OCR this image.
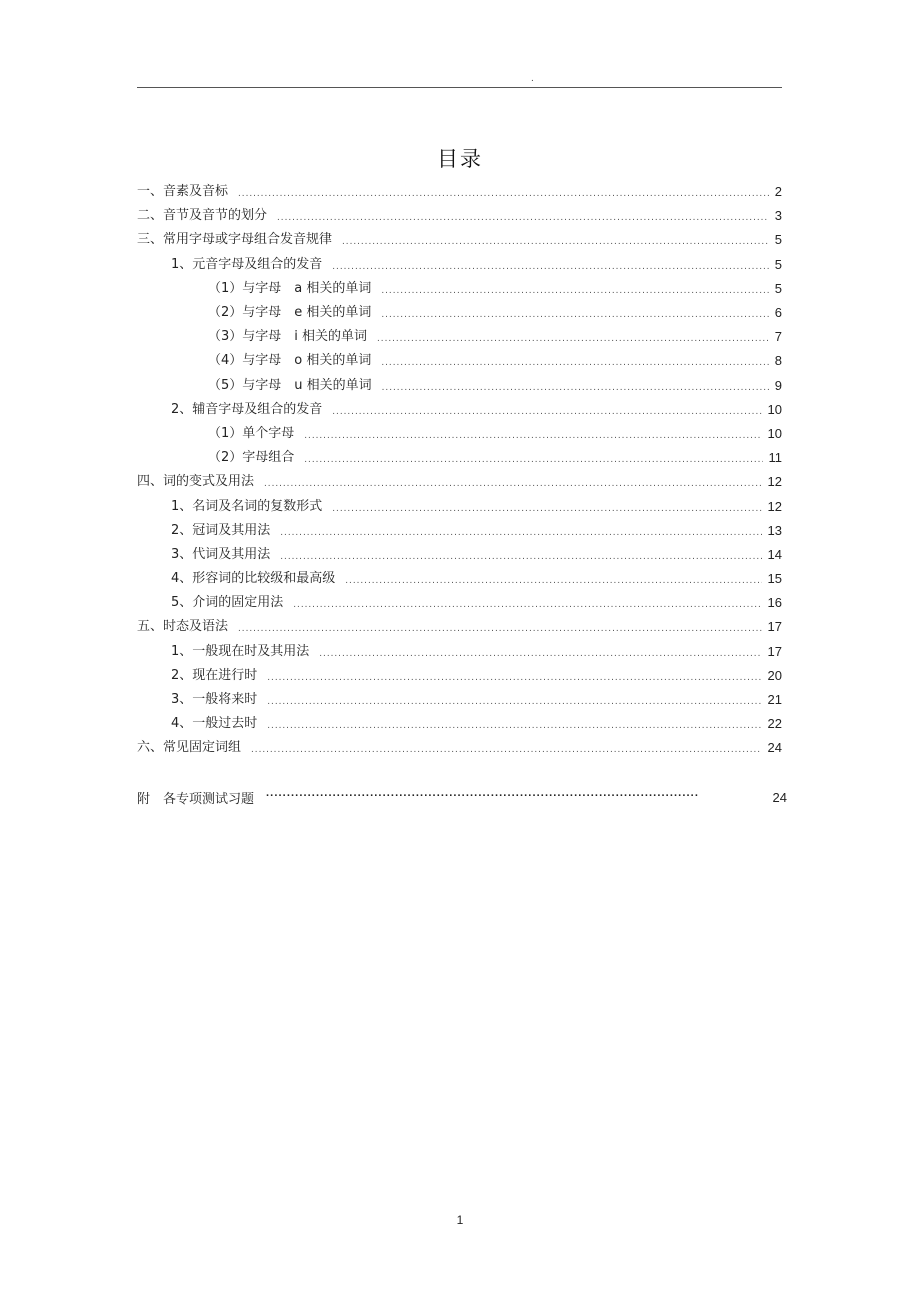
.
目录
一、音素及音标 .....	2
二、音节及音节的划分 .....	3
三、常用字母或字母组合发音规律 .....	5
1、元音字母及组合的发音 .....	5
（1）与字母　a 相关的单词 .....	5
（2）与字母　e 相关的单词 .....	6
（3）与字母　i 相关的单词 .....	7
（4）与字母　o 相关的单词 .....	8
（5）与字母　u 相关的单词 .....	9
2、辅音字母及组合的发音 .....	10
（1）单个字母 .....	10
（2）字母组合 .....	11
四、词的变式及用法 .....	12
1、名词及名词的复数形式 .....	12
2、冠词及其用法 .....	13
3、代词及其用法 .....	14
4、形容词的比较级和最高级 .....	15
5、介词的固定用法 .....	16
五、时态及语法 .....	17
1、一般现在时及其用法 .....	17
2、现在进行时 .....	20
3、一般将来时 .....	21
4、一般过去时 .....	22
六、常见固定词组 .....	24
附　各专项测试习题 ·····	24
1
